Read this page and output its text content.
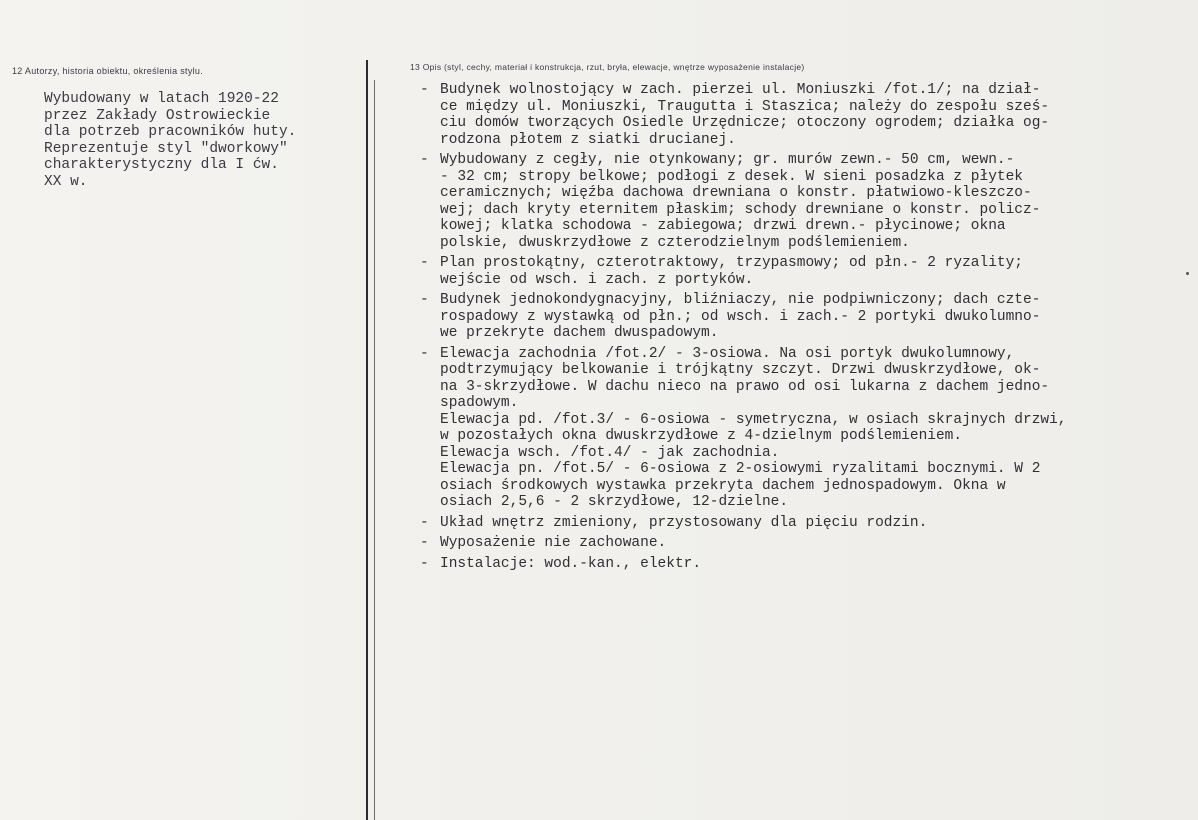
12 Autorzy, historia obiektu, określenia stylu.	13 Opis (styl, cechy, materiał i konstrukcja, rzut, bryła, elewacje, wnętrze wyposażenie instalacje)
Wybudowany w latach 1920-22
przez Zakłady Ostrowieckie
dla potrzeb pracowników huty.
Reprezentuje styl "dworkowy"
charakterystyczny dla I ćw.
XX w.
- Budynek wolnostojący w zach. pierzei ul. Moniuszki /fot.1/; na dział-
ce między ul. Moniuszki, Traugutta i Staszica; należy do zespołu sześ-
ciu domów tworzących Osiedle Urzędnicze; otoczony ogrodem; działka og-
rodzona płotem z siatki drucianej.
- Wybudowany z cegły, nie otynkowany; gr. murów zewn.- 50 cm, wewn.-
- 32 cm; stropy belkowe; podłogi z desek. W sieni posadzka z płytek
ceramicznych; więźba dachowa drewniana o konstr. płatwiowo-kleszczo-
wej; dach kryty eternitem płaskim; schody drewniane o konstr. policz-
kowej; klatka schodowa - zabiegowa; drzwi drewn.- płycinowe; okna
polskie, dwuskrzydłowe z czterodzielnym podślemieniem.
- Plan prostokątny, czterotraktowy, trzypasmowy; od płn.- 2 ryzality;
wejście od wsch. i zach. z portyków.
- Budynek jednokondygnacyjny, bliźniaczy, nie podpiwniczony; dach czte-
rospadowy z wystawką od płn.; od wsch. i zach.- 2 portyki dwukolumno-
we przekryte dachem dwuspadowym.
- Elewacja zachodnia /fot.2/ - 3-osiowa. Na osi portyk dwukolumnowy,
podtrzymujący belkowanie i trójkątny szczyt. Drzwi dwuskrzydłowe, ok-
na 3-skrzydłowe. W dachu nieco na prawo od osi lukarna z dachem jedno-
spadowym.
Elewacja pd. /fot.3/ - 6-osiowa - symetryczna, w osiach skrajnych drzwi,
w pozostałych okna dwuskrzydłowe z 4-dzielnym podślemieniem.
Elewacja wsch. /fot.4/ - jak zachodnia.
Elewacja pn. /fot.5/ - 6-osiowa z 2-osiowymi ryzalitami bocznymi. W 2
osiach środkowych wystawka przekryta dachem jednospadowym. Okna w
osiach 2,5,6 - 2 skrzydłowe, 12-dzielne.
- Układ wnętrz zmieniony, przystosowany dla pięciu rodzin.
- Wyposażenie nie zachowane.
- Instalacje: wod.-kan., elektr.
